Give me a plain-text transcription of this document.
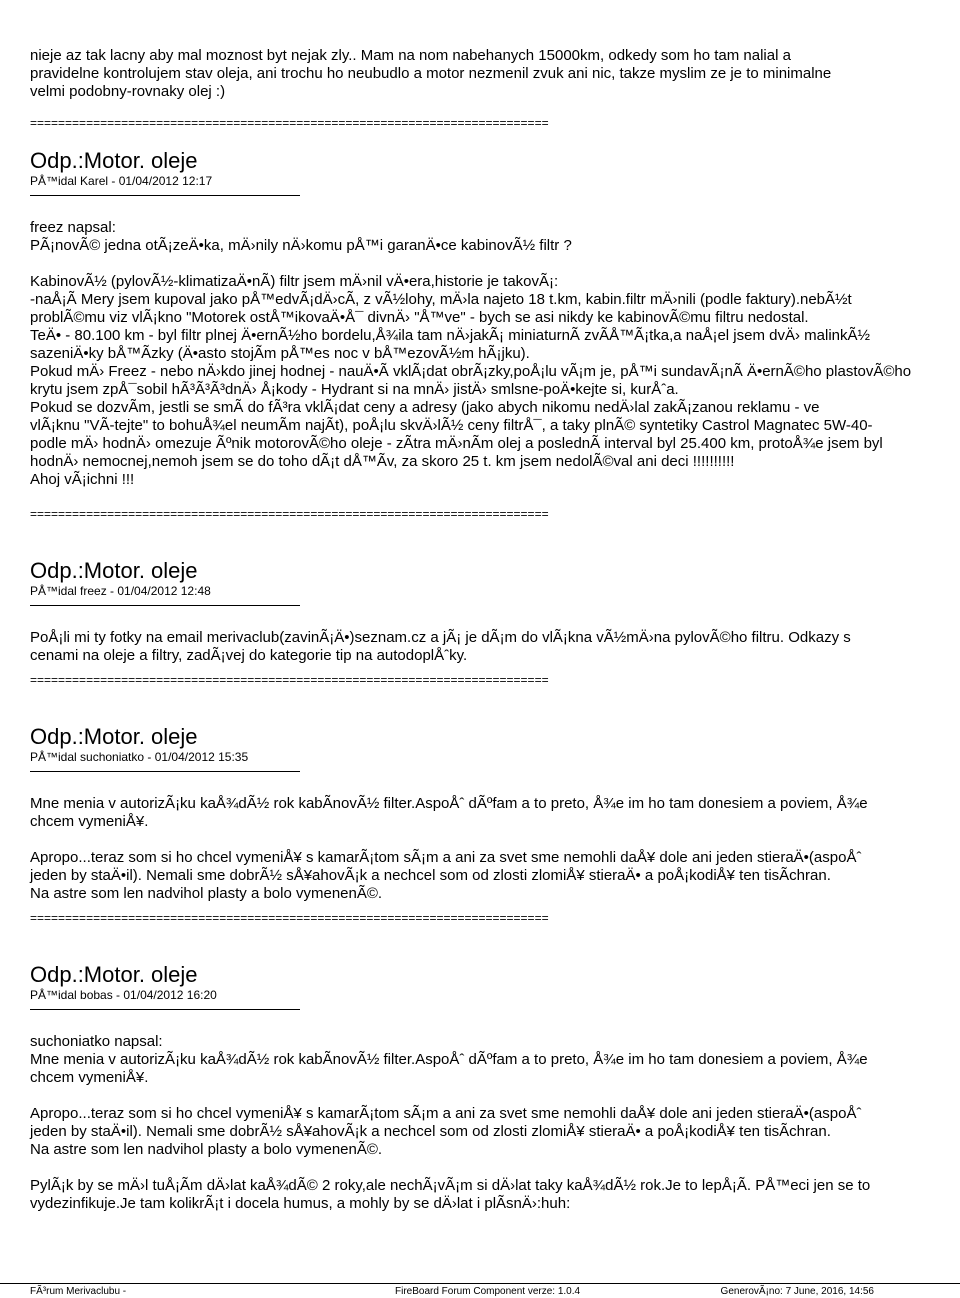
nieje az tak lacny aby mal moznost byt nejak zly.. Mam na nom nabehanych 15000km, odkedy som ho tam nalial a
pravidelne kontrolujem stav oleja, ani trochu ho neubudlo a motor nezmenil zvuk ani nic, takze myslim ze je to minimalne
velmi podobny-rovnaky olej :)

==========================================================================

Odp.:Motor. oleje

PÅ™idal Karel - 01/04/2012 12:17

freez napsal:
PÃ¡novÃ© jedna otÃ¡zeÄ•ka, mÄ›nily nÄ›komu pÅ™i garanÄ•ce kabinovÃ½ filtr ?

KabinovÃ½ (pylovÃ½-klimatizaÄ•nÃ) filtr jsem mÄ›nil vÄ•era,historie je takovÃ¡:
-naÅ¡Ã Mery jsem kupoval jako pÅ™edvÃ¡dÄ›cÃ, z vÃ½lohy, mÄ›la najeto 18 t.km, kabin.filtr mÄ›nili (podle faktury).nebÃ½t
problÃ©mu viz vlÃ¡kno "Motorek ostÅ™ikovaÄ•Å¯ divnÄ› "Å™ve" - bych se asi nikdy ke kabinovÃ©mu filtru nedostal.
TeÄ• - 80.100 km - byl filtr plnej Ä•ernÃ½ho bordelu,Å¾ila tam nÄ›jakÃ¡ miniaturnÃ zvÃÅ™Ã¡tka,a naÅ¡el jsem dvÄ› malinkÃ½
sazeniÄ•ky bÅ™Ãzky (Ä•asto stojÃm pÅ™es noc v bÅ™ezovÃ½m hÃ¡jku).
Pokud mÄ› Freez - nebo nÄ›kdo jinej hodnej - nauÄ•Ã vklÃ¡dat obrÃ¡zky,poÅ¡lu vÃ¡m je, pÅ™i sundavÃ¡nÃ Ä•ernÃ©ho plastovÃ©ho
krytu jsem zpÅ¯sobil hÃ³Ã³Ã³dnÄ› Å¡kody - Hydrant si na mnÄ› jistÄ› smlsne-poÄ•kejte si, kurÅˆa.
Pokud se dozvÃm, jestli se smÃ do fÃ³ra vklÃ¡dat ceny a adresy (jako abych nikomu nedÄ›lal zakÃ¡zanou reklamu - ve
vlÃ¡knu "VÃ-tejte" to bohuÅ¾el neumÃm najÃt), poÅ¡lu skvÄ›lÃ½ ceny filtrÅ¯, a taky plnÃ© syntetiky Castrol Magnatec 5W-40-
podle mÄ› hodnÄ› omezuje Ãºnik motorovÃ©ho oleje - zÃtra mÄ›nÃm olej a poslednÃ interval byl 25.400 km, protoÅ¾e jsem byl
hodnÄ› nemocnej,nemoh jsem se do toho dÃ¡t dÅ™Ãv, za skoro 25 t. km jsem nedolÃ©val ani deci !!!!!!!!!!
Ahoj vÃ¡ichni !!!

==========================================================================

Odp.:Motor. oleje

PÅ™idal freez - 01/04/2012 12:48

PoÅ¡li mi ty fotky na email merivaclub(zavinÃ¡Ä•)seznam.cz a jÃ¡ je dÃ¡m do vlÃ¡kna vÃ½mÄ›na pylovÃ©ho filtru. Odkazy s
cenami na oleje a filtry, zadÃ¡vej do kategorie tip na autodoplÅˆky.

==========================================================================

Odp.:Motor. oleje

PÅ™idal suchoniatko - 01/04/2012 15:35

Mne menia v autorizÃ¡ku kaÅ¾dÃ½ rok kabÃnovÃ½ filter.AspoÅˆ dÃºfam a to preto, Å¾e im ho tam donesiem a poviem, Å¾e
chcem vymeniÅ¥.

Apropo...teraz som si ho chcel vymeniÅ¥ s kamarÃ¡tom sÃ¡m a ani za svet sme nemohli daÅ¥ dole ani jeden stieraÄ•(aspoÅˆ
jeden by staÄ•il). Nemali sme dobrÃ½ sÅ¥ahovÃ¡k a nechcel som od zlosti zlomiÅ¥ stieraÄ• a poÅ¡kodiÅ¥ ten tisÃchran.
Na astre som len nadvihol plasty a bolo vymenenÃ©.

==========================================================================

Odp.:Motor. oleje

PÅ™idal bobas - 01/04/2012 16:20

suchoniatko napsal:
Mne menia v autorizÃ¡ku kaÅ¾dÃ½ rok kabÃnovÃ½ filter.AspoÅˆ dÃºfam a to preto, Å¾e im ho tam donesiem a poviem, Å¾e
chcem vymeniÅ¥.

Apropo...teraz som si ho chcel vymeniÅ¥ s kamarÃ¡tom sÃ¡m a ani za svet sme nemohli daÅ¥ dole ani jeden stieraÄ•(aspoÅˆ
jeden by staÄ•il). Nemali sme dobrÃ½ sÅ¥ahovÃ¡k a nechcel som od zlosti zlomiÅ¥ stieraÄ• a poÅ¡kodiÅ¥ ten tisÃchran.
Na astre som len nadvihol plasty a bolo vymenenÃ©.

PylÃ¡k by se mÄ›l tuÅ¡Ãm dÄ›lat kaÅ¾dÃ© 2 roky,ale nechÃ¡vÃ¡m si dÄ›lat taky kaÅ¾dÃ½ rok.Je to lepÅ¡Ã. PÅ™eci jen se to
vydezinfikuje.Je tam kolikrÃ¡t i docela humus, a mohly by se dÄ›lat i plÃsnÄ›:huh:

FÃ³rum Merivaclubu -	FireBoard Forum Component verze: 1.0.4	GenerovÃ¡no: 7 June, 2016, 14:56
